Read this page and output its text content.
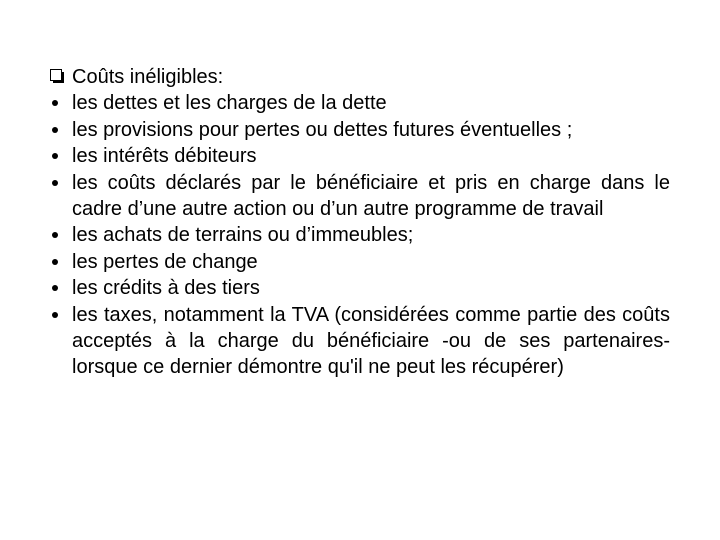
Coûts inéligibles:
les dettes et les charges de la dette
les provisions pour pertes ou dettes futures éventuelles ;
les intérêts débiteurs
les coûts déclarés par le bénéficiaire et pris en charge dans le cadre d’une autre action ou d’un autre programme de travail
les achats de terrains ou d’immeubles;
les pertes de change
les crédits à des tiers
les taxes, notamment la TVA (considérées comme partie des coûts acceptés à la charge du bénéficiaire -ou de ses partenaires- lorsque ce dernier démontre qu'il ne peut les récupérer)
